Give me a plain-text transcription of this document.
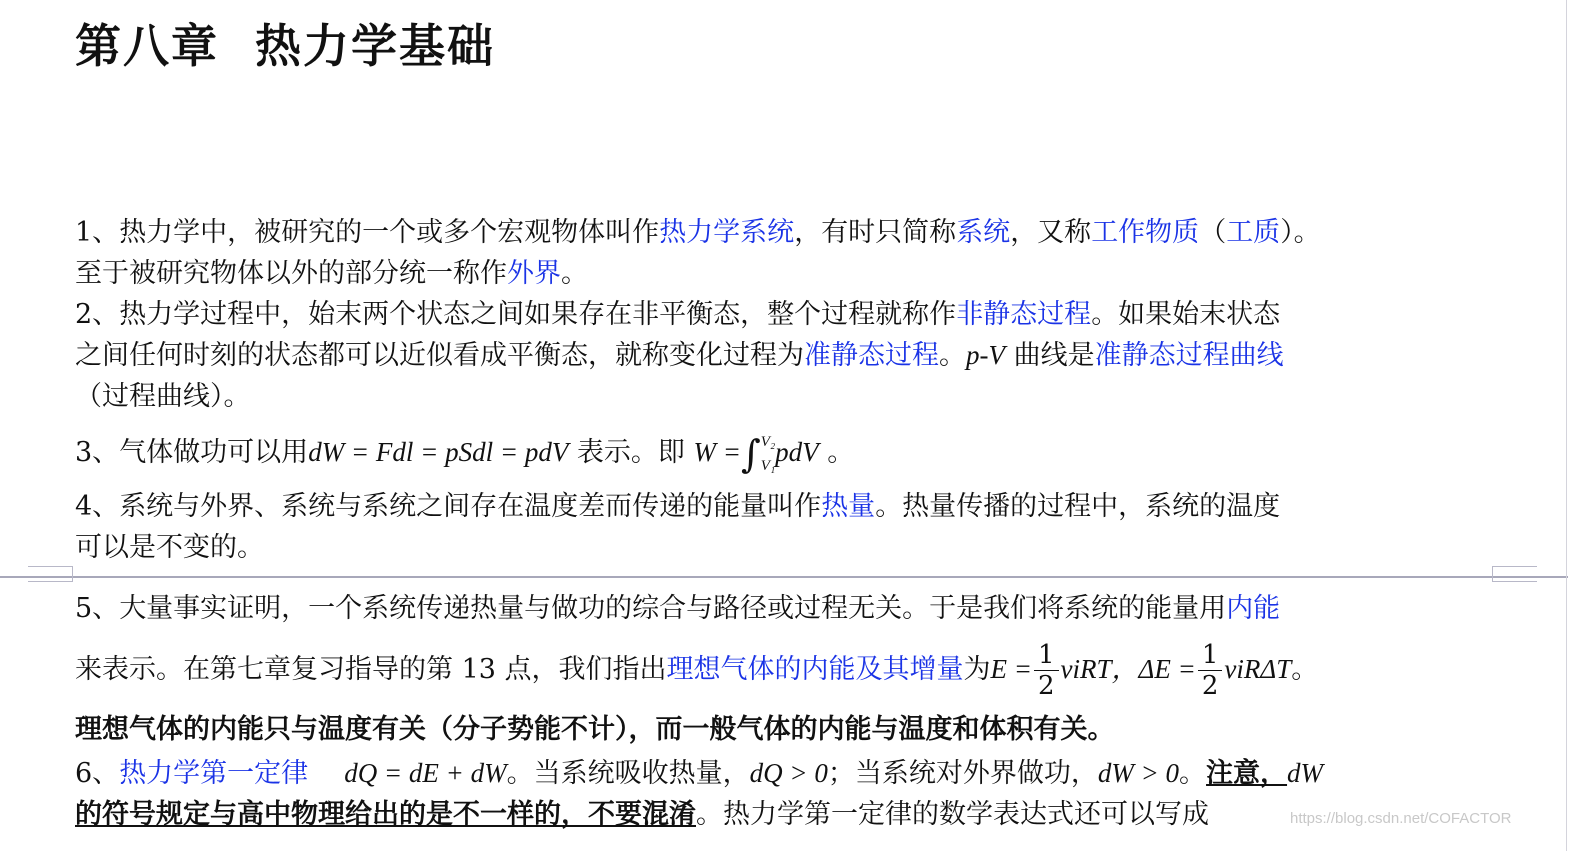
第八章  热力学基础
1、热力学中，被研究的一个或多个宏观物体叫作热力学系统，有时只简称系统，又称工作物质（工质）。
至于被研究物体以外的部分统一称作外界。
2、热力学过程中，始末两个状态之间如果存在非平衡态，整个过程就称作非静态过程。如果始末状态
之间任何时刻的状态都可以近似看成平衡态，就称变化过程为准静态过程。p-V 曲线是准静态过程曲线
（过程曲线）。
3、气体做功可以用dW = Fdl = pSdl = pdV 表示。即 W =∫ V₂
V₁ pdV 。
4、系统与外界、系统与系统之间存在温度差而传递的能量叫作热量。热量传播的过程中，系统的温度
可以是不变的。
5、大量事实证明，一个系统传递热量与做功的综合与路径或过程无关。于是我们将系统的能量用内能
来表示。在第七章复习指导的第 13 点，我们指出理想气体的内能及其增量为$E = \frac{1}{2}$ νiRT，$\Delta E = \frac{1}{2}$ νiRΔT。
理想气体的内能只与温度有关（分子势能不计），而一般气体的内能与温度和体积有关。
6、热力学第一定律 dQ = dE + dW。当系统吸收热量，dQ > 0；当系统对外界做功，dW > 0。注意，dW
的符号规定与高中物理给出的是不一样的，不要混淆。热力学第一定律的数学表达式还可以写成	https://blog.csdn.net/COFACTOR
